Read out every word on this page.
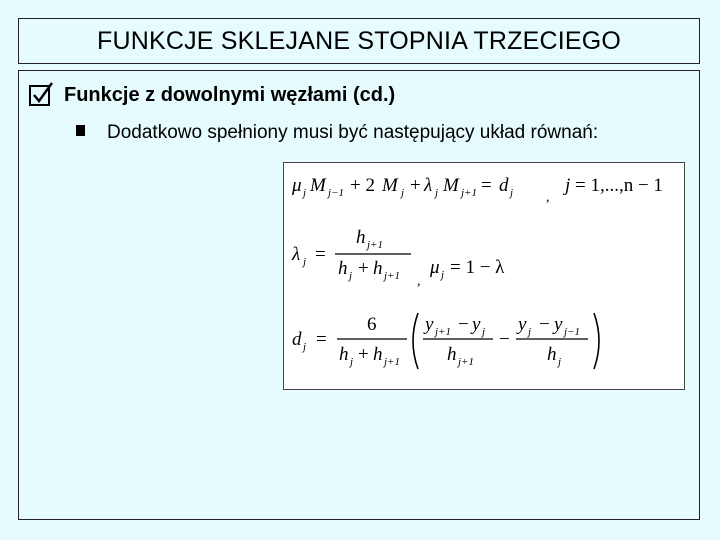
FUNKCJE SKLEJANE STOPNIA TRZECIEGO
Funkcje z dowolnymi węzłami (cd.)
Dodatkowo spełniony musi być następujący układ równań:
μ j M j−1 + 2 M j + λ j M j+1 = d j ,
j = 1,...,n − 1
λ j =
h j+1
h j + h j+1 ,
μ j = 1 − λ
d j =
6
h j + h j+1
y j+1 − y j
h j+1
−
y j − y j−1
h j
